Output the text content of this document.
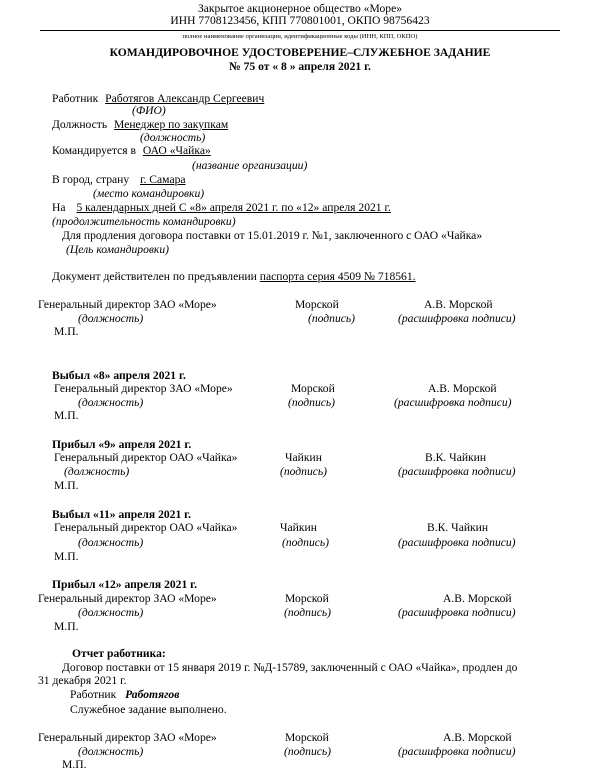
Закрытое акционерное общество «Море»
ИНН 7708123456, КПП 770801001, ОКПО 98756423
полное наименование организации, идентификационные коды (ИНН, КПП, ОКПО)
КОМАНДИРОВОЧНОЕ УДОСТОВЕРЕНИЕ–СЛУЖЕБНОЕ ЗАДАНИЕ
№ 75 от « 8 » апреля 2021 г.
Работник Работягов Александр Сергеевич
(ФИО)
Должность Менеджер по закупкам
(должность)
Командируется в ОАО «Чайка»
(название организации)
В город, страну г. Самара
(место командировки)
На 5 календарных дней С «8» апреля 2021 г. по «12» апреля 2021 г.
(продолжительность командировки)
Для продления договора поставки от 15.01.2019 г. №1, заключенного с ОАО «Чайка»
(Цель командировки)
Документ действителен по предъявлении паспорта серия 4509 № 718561.
Генеральный директор ЗАО «Море»	Морской	А.В. Морской
(должность)	(подпись)	(расшифровка подписи)
М.П.
Выбыл «8» апреля 2021 г.
Генеральный директор ЗАО «Море»	Морской	А.В. Морской
(должность)	(подпись)	(расшифровка подписи)
М.П.
Прибыл «9» апреля 2021 г.
Генеральный директор ОАО «Чайка»	Чайкин	В.К. Чайкин
(должность)	(подпись)	(расшифровка подписи)
М.П.
Выбыл «11» апреля 2021 г.
Генеральный директор ОАО «Чайка»	Чайкин	В.К. Чайкин
(должность)	(подпись)	(расшифровка подписи)
М.П.
Прибыл «12» апреля 2021 г.
Генеральный директор ЗАО «Море»	Морской	А.В. Морской
(должность)	(подпись)	(расшифровка подписи)
М.П.
Отчет работника:
Договор поставки от 15 января 2019 г. №Д-15789, заключенный с ОАО «Чайка», продлен до
31 декабря 2021 г.
Работник Работягов
Служебное задание выполнено.
Генеральный директор ЗАО «Море»	Морской	А.В. Морской
(должность)	(подпись)	(расшифровка подписи)
М.П.
